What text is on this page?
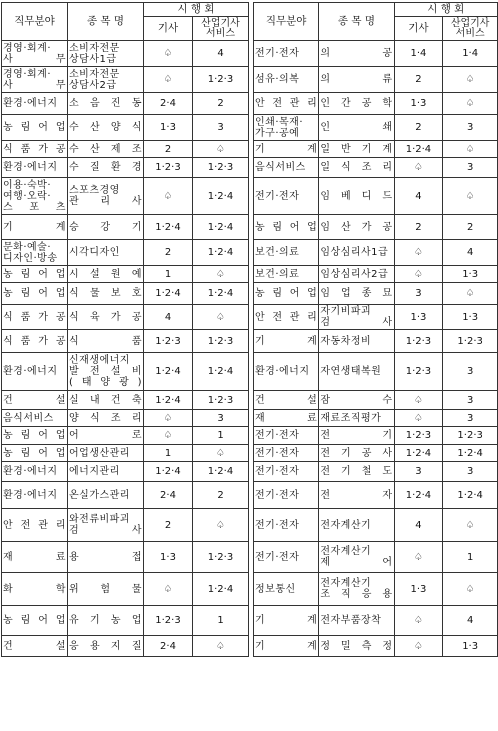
직무분야	종 목 명	시 행 회	
		기사	산업기사
서비스
경영·회계·
사 무	소비자전문
상담사1급	♤	4
경영·회계·
사 무	소비자전문
상담사2급	♤	1·2·3
환경·에너지	소 음 진 동	2·4	2
농 림 어 업	수 산 양 식	1·3	3
식 품 가 공	수 산 제 조	2	♤
환경·에너지	수 질 환 경	1·2·3	1·2·3
이용·숙박·
여행·오락·
스 포 츠	스포츠경영
관 리 사	♤	1·2·4
기 계	승 강 기	1·2·4	1·2·4
문화·예술·
디자인·방송	시각디자인	2	1·2·4
농 림 어 업	시 설 원 예	1	♤
농 림 어 업	식 물 보 호	1·2·4	1·2·4
식 품 가 공	식 육 가 공	4	♤
식 품 가 공	식 품	1·2·3	1·2·3
환경·에너지	신재생에너지
발 전 설 비
( 태 양 광 )	1·2·4	1·2·4
건 설	실 내 건 축	1·2·4	1·2·3
음식서비스	양 식 조 리	♤	3
농 림 어 업	어 로	♤	1
농 림 어 업	어업생산관리	1	♤
환경·에너지	에너지관리	1·2·4	1·2·4
환경·에너지	온실가스관리	2·4	2
안 전 관 리	와전류비파괴
검 사	2	♤
재 료	용 접	1·3	1·2·3
화 학	위 험 물	♤	1·2·4
농 림 어 업	유 기 농 업	1·2·3	1
건 설	응 용 지 질	2·4	♤
직무분야	종 목 명	시 행 회	
		기사	산업기사
서비스
전기·전자	의 공	1·4	1·4
섬유·의복	의 류	2	♤
안 전 관 리	인 간 공 학	1·3	♤
인쇄·목재·
가구·공예	인 쇄	2	3
기 계	일 반 기 계	1·2·4	♤
음식서비스	일 식 조 리	♤	3
전기·전자	임 베 디 드	4	♤
농 림 어 업	임 산 가 공	2	2
보건·의료	임상심리사1급	♤	4
보건·의료	임상심리사2급	♤	1·3
농 림 어 업	임 업 종 묘	3	♤
안 전 관 리	자기비파괴
검 사	1·3	1·3
기 계	자동차정비	1·2·3	1·2·3
환경·에너지	자연생태복원	1·2·3	3
건 설	잠 수	♤	3
재 료	재료조직평가	♤	3
전기·전자	전 기	1·2·3	1·2·3
전기·전자	전 기 공 사	1·2·4	1·2·4
전기·전자	전 기 철 도	3	3
전기·전자	전 자	1·2·4	1·2·4
전기·전자	전자계산기	4	♤
전기·전자	전자계산기
제 어	♤	1
정보통신	전자계산기
조 직 응 용	1·3	♤
기 계	전자부품장착	♤	4
기 계	정 밀 측 정	♤	1·3
